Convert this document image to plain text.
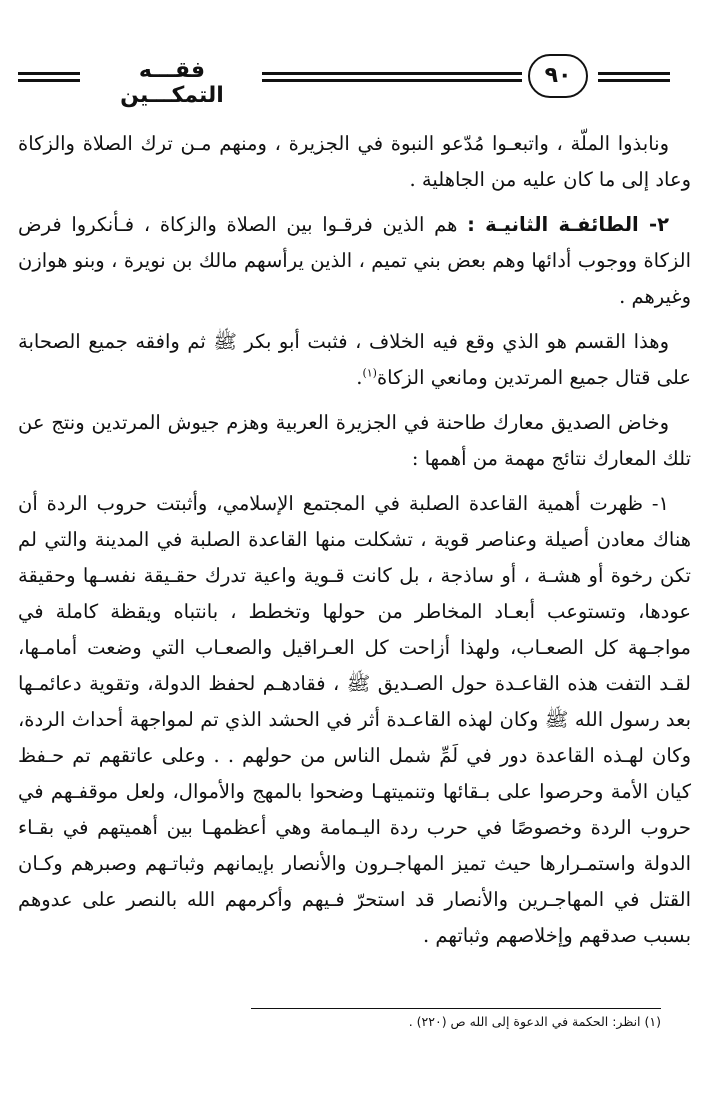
فقـــه التمكـــين
٩٠

ونابذوا الملّة ، واتبعـوا مُدّعو النبوة في الجزيرة ، ومنهم مـن ترك الصلاة والزكاة وعاد إلى ما كان عليه من الجاهلية .

٢- الطائفـة الثانيـة : هم الذين فرقـوا بين الصلاة والزكاة ، فـأنكروا فرض الزكاة ووجوب أدائها وهم بعض بني تميم ، الذين يرأسهم مالك بن نويرة ، وبنو هوازن وغيرهم .

وهذا القسم هو الذي وقع فيه الخلاف ، فثبت أبو بكر ﷺ ثم وافقه جميع الصحابة على قتال جميع المرتدين ومانعي الزكاة$^{(١)}$.

وخاض الصديق معارك طاحنة في الجزيرة العربية وهزم جيوش المرتدين ونتج عن تلك المعارك نتائج مهمة من أهمها :

١- ظهرت أهمية القاعدة الصلبة في المجتمع الإسلامي، وأثبتت حروب الردة أن هناك معادن أصيلة وعناصر قوية ، تشكلت منها القاعدة الصلبة في المدينة والتي لم تكن رخوة أو هشـة ، أو ساذجة ، بل كانت قـوية واعية تدرك حقـيقة نفسـها وحقيقة عودها، وتستوعب أبعـاد المخاطر من حولها وتخطط ، بانتباه ويقظة كاملة في مواجـهة كل الصعـاب، ولهذا أزاحت كل العـراقيل والصعـاب التي وضعت أمامـها، لقـد التفت هذه القاعـدة حول الصـديق ﷺ ، فقادهـم لحفظ الدولة، وتقوية دعائمـها بعد رسول الله ﷺ وكان لهذه القاعـدة أثر في الحشد الذي تم لمواجهة أحداث الردة، وكان لهـذه القاعدة دور في لَمِّ شمل الناس من حولهم . . وعلى عاتقهم تم حـفظ كيان الأمة وحرصوا على بـقائها وتنميتهـا وضحوا بالمهج والأموال، ولعل موقفـهم في حروب الردة وخصوصًا في حرب ردة اليـمامة وهي أعظمهـا بين أهميتهم في بقـاء الدولة واستمـرارها حيث تميز المهاجـرون والأنصار بإيمانهم وثباتـهم وصبرهم وكـان القتل في المهاجـرين والأنصار قد استحرّ فـيهم وأكرمهم الله بالنصر على عدوهم بسبب صدقهم وإخلاصهم وثباتهم .

(١) انظر: الحكمة في الدعوة إلى الله ص (٢٢٠) .
